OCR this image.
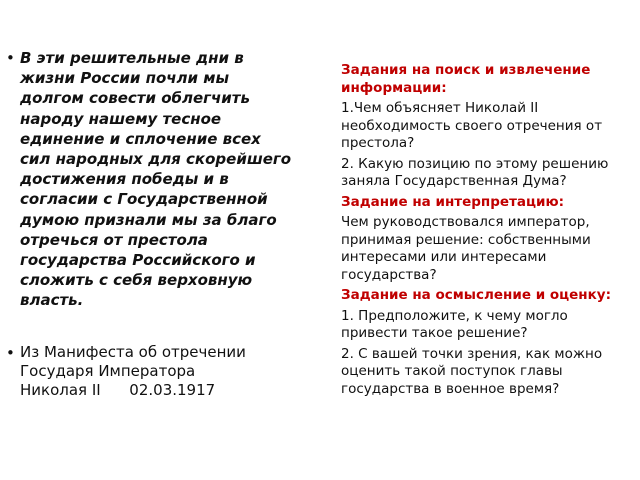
• В эти решительные дни в жизни России почли мы долгом совести облегчить народу нашему тесное единение и сплочение всех сил народных для скорейшего достижения победы и в согласии с Государственной думою признали мы за благо отречься от престола государства Российского и сложить с себя верховную власть.

• Из Манифеста об отречении
Государя Императора
Николая II      02.03.1917

Задания на поиск и извлечение информации:

1.Чем объясняет Николай II необходимость своего отречения от престола?

2. Какую позицию по этому решению заняла Государственная Дума?

Задание на интерпретацию:

Чем руководствовался император, принимая решение: собственными интересами или интересами государства?

Задание на осмысление и оценку:

1. Предположите, к чему могло привести такое решение?

2. С вашей точки зрения, как можно оценить такой поступок главы государства в военное время?
